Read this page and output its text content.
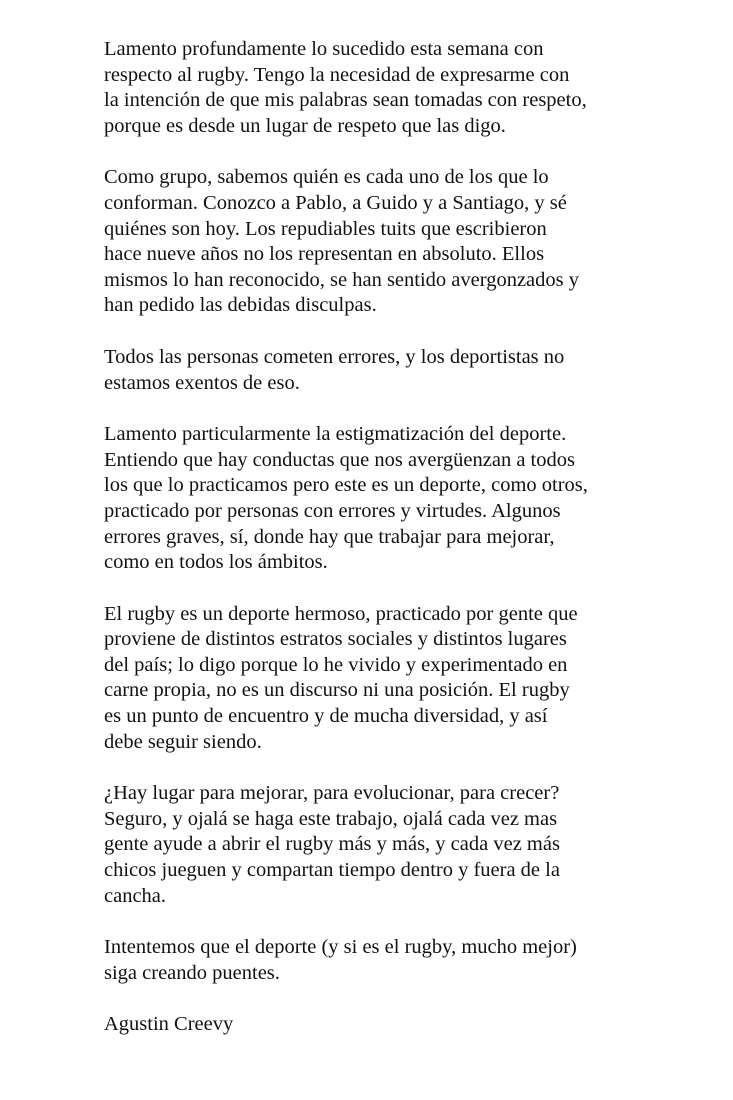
Lamento profundamente lo sucedido esta semana con
respecto al rugby. Tengo la necesidad de expresarme con
la intención de que mis palabras sean tomadas con respeto,
porque es desde un lugar de respeto que las digo.
Como grupo, sabemos quién es cada uno de los que lo
conforman. Conozco a Pablo, a Guido y a Santiago, y sé
quiénes son hoy. Los repudiables tuits que escribieron
hace nueve años no los representan en absoluto. Ellos
mismos lo han reconocido, se han sentido avergonzados y
han pedido las debidas disculpas.
Todos las personas cometen errores, y los deportistas no
estamos exentos de eso.
Lamento particularmente la estigmatización del deporte.
Entiendo que hay conductas que nos avergüenzan a todos
los que lo practicamos pero este es un deporte, como otros,
practicado por personas con errores y virtudes. Algunos
errores graves, sí, donde hay que trabajar para mejorar,
como en todos los ámbitos.
El rugby es un deporte hermoso, practicado por gente que
proviene de distintos estratos sociales y distintos lugares
del país; lo digo porque lo he vivido y experimentado en
carne propia, no es un discurso ni una posición. El rugby
es un punto de encuentro y de mucha diversidad, y así
debe seguir siendo.
¿Hay lugar para mejorar, para evolucionar, para crecer?
Seguro, y ojalá se haga este trabajo, ojalá cada vez mas
gente ayude a abrir el rugby más y más, y cada vez más
chicos jueguen y compartan tiempo dentro y fuera de la
cancha.
Intentemos que el deporte (y si es el rugby, mucho mejor)
siga creando puentes.

Agustin Creevy
